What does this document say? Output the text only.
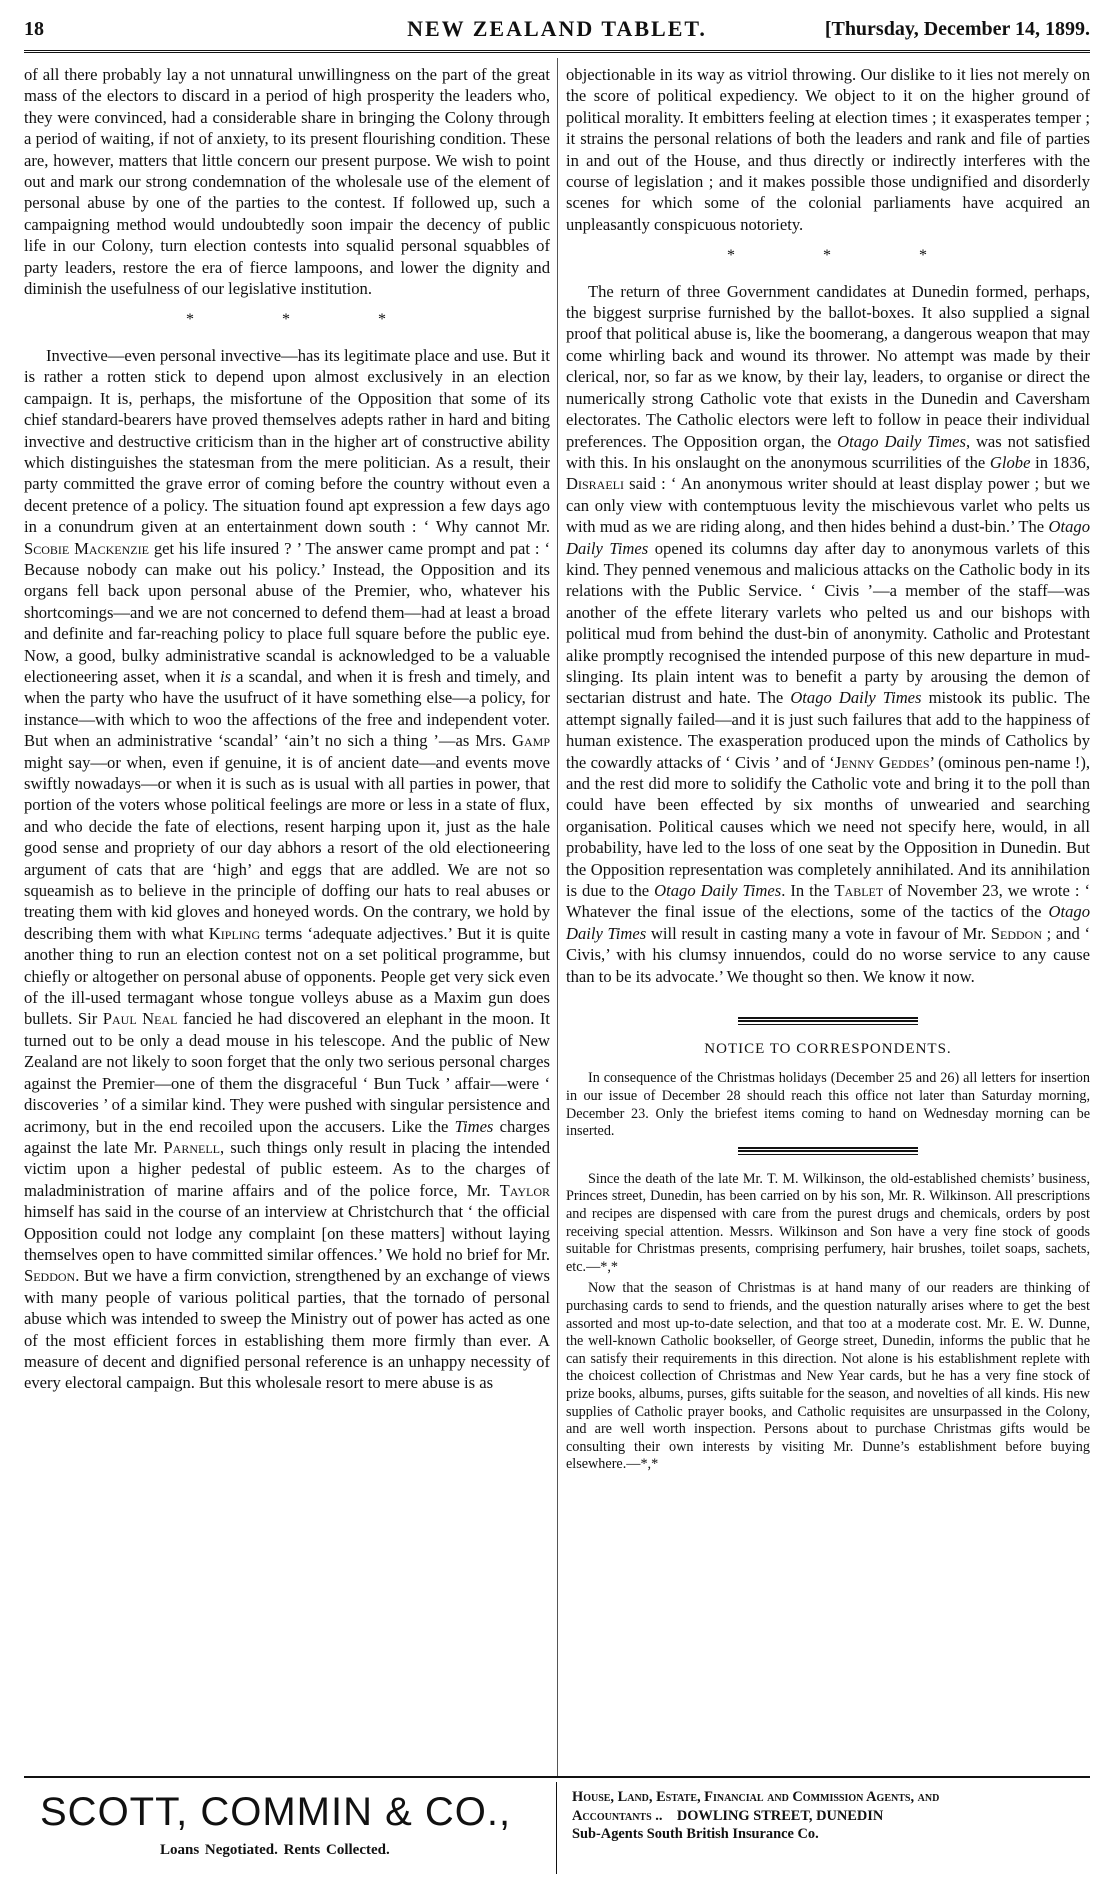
18	NEW ZEALAND TABLET.	[Thursday, December 14, 1899.

of all there probably lay a not unnatural unwillingness on the part of the great mass of the electors to discard in a period of high prosperity the leaders who, they were convinced, had a considerable share in bringing the Colony through a period of waiting, if not of anxiety, to its present flourishing condition. These are, however, matters that little concern our present purpose. We wish to point out and mark our strong condemnation of the wholesale use of the element of personal abuse by one of the parties to the contest. If followed up, such a campaigning method would undoubtedly soon impair the decency of public life in our Colony, turn election contests into squalid personal squabbles of party leaders, restore the era of fierce lampoons, and lower the dignity and diminish the usefulness of our legislative institution.

* * *

Invective—even personal invective—has its legitimate place and use. But it is rather a rotten stick to depend upon almost exclusively in an election campaign. It is, perhaps, the misfortune of the Opposition that some of its chief standard-bearers have proved themselves adepts rather in hard and biting invective and destructive criticism than in the higher art of constructive ability which distinguishes the statesman from the mere politician. As a result, their party committed the grave error of coming before the country without even a decent pretence of a policy. The situation found apt expression a few days ago in a conundrum given at an entertainment down south : ‘ Why cannot Mr. Scobie Mackenzie get his life insured ? ’ The answer came prompt and pat : ‘ Because nobody can make out his policy.’ Instead, the Opposition and its organs fell back upon personal abuse of the Premier, who, whatever his shortcomings—and we are not concerned to defend them—had at least a broad and definite and far-reaching policy to place full square before the public eye. Now, a good, bulky administrative scandal is acknowledged to be a valuable electioneering asset, when it is a scandal, and when it is fresh and timely, and when the party who have the usufruct of it have something else—a policy, for instance—with which to woo the affections of the free and independent voter. But when an administrative ‘scandal’ ‘ain’t no sich a thing ’—as Mrs. Gamp might say—or when, even if genuine, it is of ancient date—and events move swiftly nowadays—or when it is such as is usual with all parties in power, that portion of the voters whose political feelings are more or less in a state of flux, and who decide the fate of elections, resent harping upon it, just as the hale good sense and propriety of our day abhors a resort of the old electioneering argument of cats that are ‘high’ and eggs that are addled. We are not so squeamish as to believe in the principle of doffing our hats to real abuses or treating them with kid gloves and honeyed words. On the contrary, we hold by describing them with what Kipling terms ‘adequate adjectives.’ But it is quite another thing to run an election contest not on a set political programme, but chiefly or altogether on personal abuse of opponents. People get very sick even of the ill-used termagant whose tongue volleys abuse as a Maxim gun does bullets. Sir Paul Neal fancied he had discovered an elephant in the moon. It turned out to be only a dead mouse in his telescope. And the public of New Zealand are not likely to soon forget that the only two serious personal charges against the Premier—one of them the disgraceful ‘ Bun Tuck ’ affair—were ‘ discoveries ’ of a similar kind. They were pushed with singular persistence and acrimony, but in the end recoiled upon the accusers. Like the Times charges against the late Mr. Parnell, such things only result in placing the intended victim upon a higher pedestal of public esteem. As to the charges of maladministration of marine affairs and of the police force, Mr. Taylor himself has said in the course of an interview at Christchurch that ‘ the official Opposition could not lodge any complaint [on these matters] without laying themselves open to have committed similar offences.’ We hold no brief for Mr. Seddon. But we have a firm conviction, strengthened by an exchange of views with many people of various political parties, that the tornado of personal abuse which was intended to sweep the Ministry out of power has acted as one of the most efficient forces in establishing them more firmly than ever. A measure of decent and dignified personal reference is an unhappy necessity of every electoral campaign. But this wholesale resort to mere abuse is as

objectionable in its way as vitriol throwing. Our dislike to it lies not merely on the score of political expediency. We object to it on the higher ground of political morality. It embitters feeling at election times ; it exasperates temper ; it strains the personal relations of both the leaders and rank and file of parties in and out of the House, and thus directly or indirectly interferes with the course of legislation ; and it makes possible those undignified and disorderly scenes for which some of the colonial parliaments have acquired an unpleasantly conspicuous notoriety.

* * *

The return of three Government candidates at Dunedin formed, perhaps, the biggest surprise furnished by the ballot-boxes. It also supplied a signal proof that political abuse is, like the boomerang, a dangerous weapon that may come whirling back and wound its thrower. No attempt was made by their clerical, nor, so far as we know, by their lay, leaders, to organise or direct the numerically strong Catholic vote that exists in the Dunedin and Caversham electorates. The Catholic electors were left to follow in peace their individual preferences. The Opposition organ, the Otago Daily Times, was not satisfied with this. In his onslaught on the anonymous scurrilities of the Globe in 1836, Disraeli said : ‘ An anonymous writer should at least display power ; but we can only view with contemptuous levity the mischievous varlet who pelts us with mud as we are riding along, and then hides behind a dust-bin.’ The Otago Daily Times opened its columns day after day to anonymous varlets of this kind. They penned venemous and malicious attacks on the Catholic body in its relations with the Public Service. ‘ Civis ’—a member of the staff—was another of the effete literary varlets who pelted us and our bishops with political mud from behind the dust-bin of anonymity. Catholic and Protestant alike promptly recognised the intended purpose of this new departure in mud-slinging. Its plain intent was to benefit a party by arousing the demon of sectarian distrust and hate. The Otago Daily Times mistook its public. The attempt signally failed—and it is just such failures that add to the happiness of human existence. The exasperation produced upon the minds of Catholics by the cowardly attacks of ‘ Civis ’ and of ‘Jenny Geddes’ (ominous pen-name !), and the rest did more to solidify the Catholic vote and bring it to the poll than could have been effected by six months of unwearied and searching organisation. Political causes which we need not specify here, would, in all probability, have led to the loss of one seat by the Opposition in Dunedin. But the Opposition representation was completely annihilated. And its annihilation is due to the Otago Daily Times. In the Tablet of November 23, we wrote : ‘ Whatever the final issue of the elections, some of the tactics of the Otago Daily Times will result in casting many a vote in favour of Mr. Seddon ; and ‘ Civis,’ with his clumsy innuendos, could do no worse service to any cause than to be its advocate.’ We thought so then. We know it now.

NOTICE TO CORRESPONDENTS.

In consequence of the Christmas holidays (December 25 and 26) all letters for insertion in our issue of December 28 should reach this office not later than Saturday morning, December 23. Only the briefest items coming to hand on Wednesday morning can be inserted.

Since the death of the late Mr. T. M. Wilkinson, the old-established chemists’ business, Princes street, Dunedin, has been carried on by his son, Mr. R. Wilkinson. All prescriptions and recipes are dispensed with care from the purest drugs and chemicals, orders by post receiving special attention. Messrs. Wilkinson and Son have a very fine stock of goods suitable for Christmas presents, comprising perfumery, hair brushes, toilet soaps, sachets, etc.—*,*

Now that the season of Christmas is at hand many of our readers are thinking of purchasing cards to send to friends, and the question naturally arises where to get the best assorted and most up-to-date selection, and that too at a moderate cost. Mr. E. W. Dunne, the well-known Catholic bookseller, of George street, Dunedin, informs the public that he can satisfy their requirements in this direction. Not alone is his establishment replete with the choicest collection of Christmas and New Year cards, but he has a very fine stock of prize books, albums, purses, gifts suitable for the season, and novelties of all kinds. His new supplies of Catholic prayer books, and Catholic requisites are unsurpassed in the Colony, and are well worth inspection. Persons about to purchase Christmas gifts would be consulting their own interests by visiting Mr. Dunne’s establishment before buying elsewhere.—*,*

SCOTT, COMMIN & CO.,
Loans Negotiated. Rents Collected.
House, Land, Estate, Financial and Commission Agents, and
Accountants .. DOWLING STREET, DUNEDIN
Sub-Agents South British Insurance Co.
